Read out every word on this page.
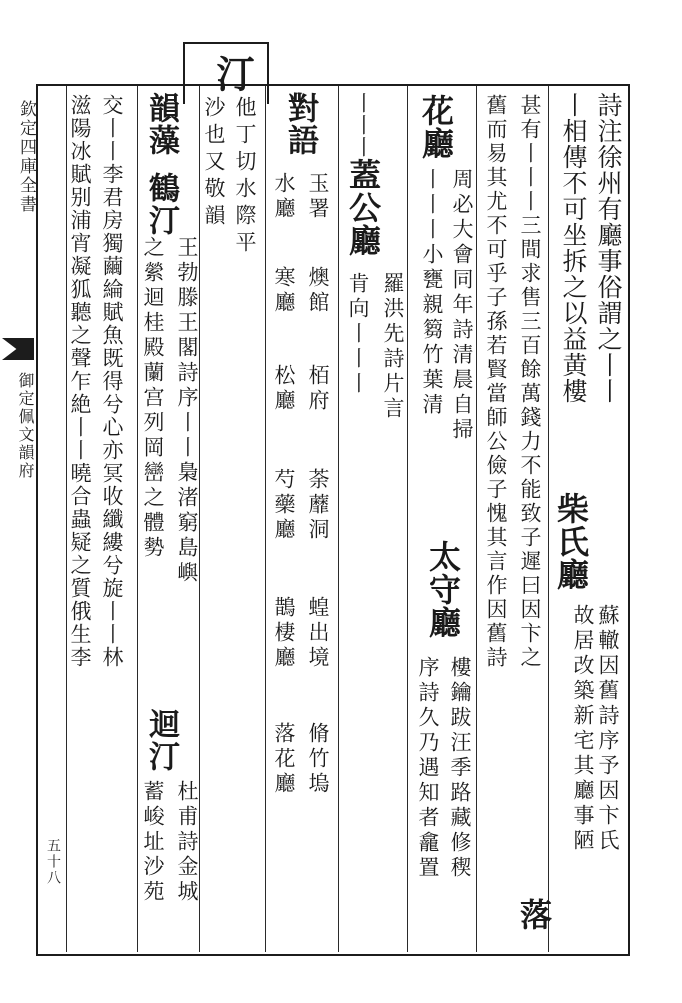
欽定四庫全書
御定佩文韻府
五十八
詩注徐州有廳事俗謂之丨丨
丨相傳不可坐拆之以益黄樓
柴氏廳
蘇轍因舊詩序予因卞氏
故居改築新宅其廳事陋
甚有丨丨丨三間求售三百餘萬錢力不能致子遲曰因卞之
舊而易其尤不可乎子孫若賢當師公儉子愧其言作因舊詩
落
花廳
周必大會同年詩清晨自掃
丨丨丨小甕親篘竹葉清
太守廳
樓鑰跋汪季路藏修稧
序詩久乃遇知者龕置
丨丨丨
蓋公廳
羅洪先詩片言
肯向丨丨丨
對語
玉署
水廳
燠館
寒廳
栢府
松廳
荼蘼洞
芍藥廳
蝗出境
鵲棲廳
脩竹塢
落花廳
汀
他丁切水際平
沙也又敬韻
韻藻
鶴汀
王勃滕王閣詩序丨丨梟渚窮島嶼
之縈迴桂殿蘭宫列岡巒之體勢
迴汀
杜甫詩金城
蓄峻址沙苑
交丨丨李君房獨繭綸賦魚既得兮心亦冥收纖縷兮旋丨丨林
滋陽冰賦别浦宵凝狐聽之聲乍絶丨丨曉合蟲疑之質俄生李
